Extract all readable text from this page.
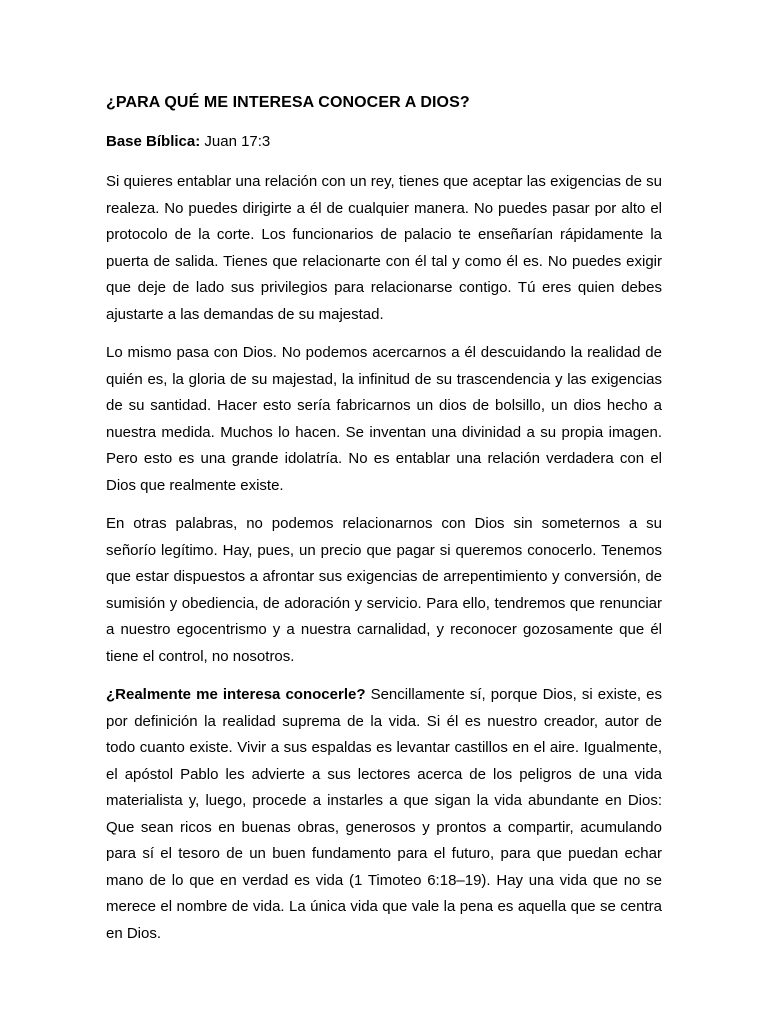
¿PARA QUÉ ME INTERESA CONOCER A DIOS?
Base Bíblica: Juan 17:3

Si quieres entablar una relación con un rey, tienes que aceptar las exigencias de su realeza. No puedes dirigirte a él de cualquier manera. No puedes pasar por alto el protocolo de la corte. Los funcionarios de palacio te enseñarían rápidamente la puerta de salida. Tienes que relacionarte con él tal y como él es. No puedes exigir que deje de lado sus privilegios para relacionarse contigo. Tú eres quien debes ajustarte a las demandas de su majestad.

Lo mismo pasa con Dios. No podemos acercarnos a él descuidando la realidad de quién es, la gloria de su majestad, la infinitud de su trascendencia y las exigencias de su santidad. Hacer esto sería fabricarnos un dios de bolsillo, un dios hecho a nuestra medida. Muchos lo hacen. Se inventan una divinidad a su propia imagen. Pero esto es una grande idolatría. No es entablar una relación verdadera con el Dios que realmente existe.

En otras palabras, no podemos relacionarnos con Dios sin someternos a su señorío legítimo. Hay, pues, un precio que pagar si queremos conocerlo. Tenemos que estar dispuestos a afrontar sus exigencias de arrepentimiento y conversión, de sumisión y obediencia, de adoración y servicio. Para ello, tendremos que renunciar a nuestro egocentrismo y a nuestra carnalidad, y reconocer gozosamente que él tiene el control, no nosotros.

¿Realmente me interesa conocerle? Sencillamente sí, porque Dios, si existe, es por definición la realidad suprema de la vida. Si él es nuestro creador, autor de todo cuanto existe. Vivir a sus espaldas es levantar castillos en el aire. Igualmente, el apóstol Pablo les advierte a sus lectores acerca de los peligros de una vida materialista y, luego, procede a instarles a que sigan la vida abundante en Dios: Que sean ricos en buenas obras, generosos y prontos a compartir, acumulando para sí el tesoro de un buen fundamento para el futuro, para que puedan echar mano de lo que en verdad es vida (1 Timoteo 6:18–19). Hay una vida que no se merece el nombre de vida. La única vida que vale la pena es aquella que se centra en Dios.
